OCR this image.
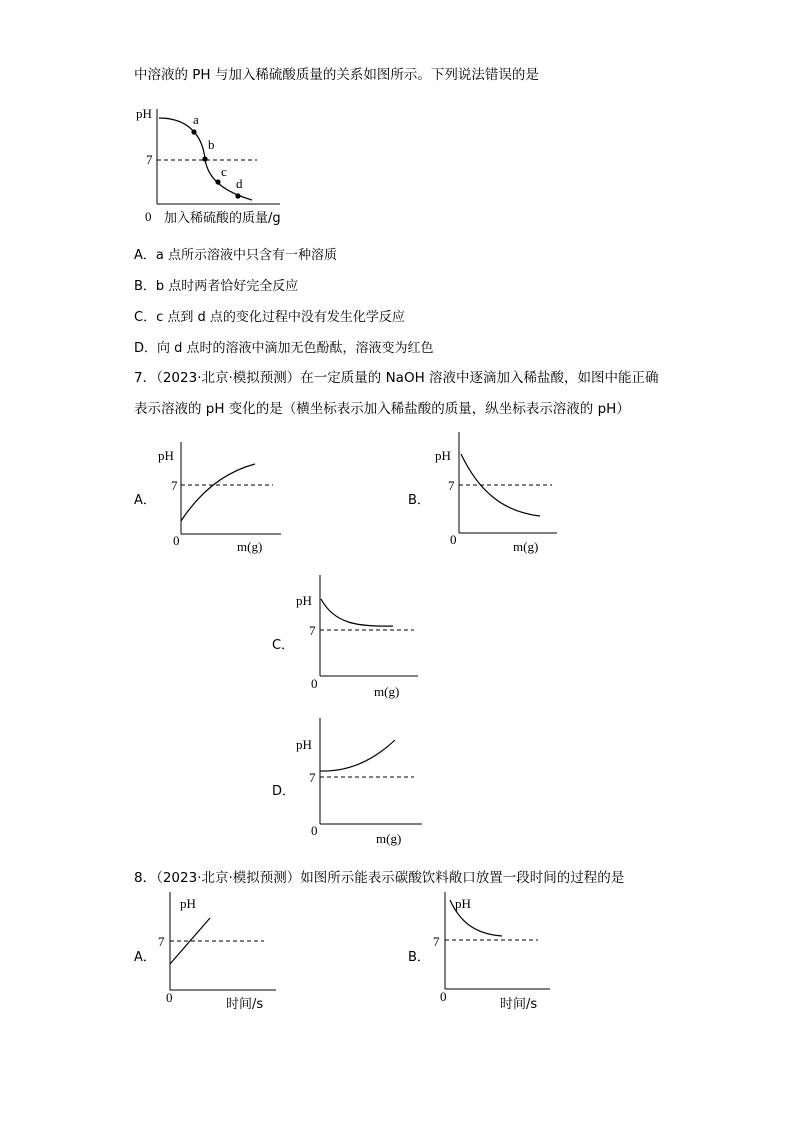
中溶液的 PH 与加入稀硫酸质量的关系如图所示。下列说法错误的是
pH
7
0
a
b
c
d
加入稀硫酸的质量/g
A．a 点所示溶液中只含有一种溶质
B．b 点时两者恰好完全反应
C．c 点到 d 点的变化过程中没有发生化学反应
D．向 d 点时的溶液中滴加无色酚酞，溶液变为红色
7．（2023·北京·模拟预测）在一定质量的 NaOH 溶液中逐滴加入稀盐酸，如图中能正确
表示溶液的 pH 变化的是（横坐标表示加入稀盐酸的质量，纵坐标表示溶液的 pH）
A．
pH
7
0	m(g)
B．
pH
7
0	m(g)
C．
pH
7
0
m(g)
D．
pH
7
0
m(g)
8．（2023·北京·模拟预测）如图所示能表示碳酸饮料敞口放置一段时间的过程的是
A．
pH
7
0	时间/s
B．
pH
7
0
时间/s
